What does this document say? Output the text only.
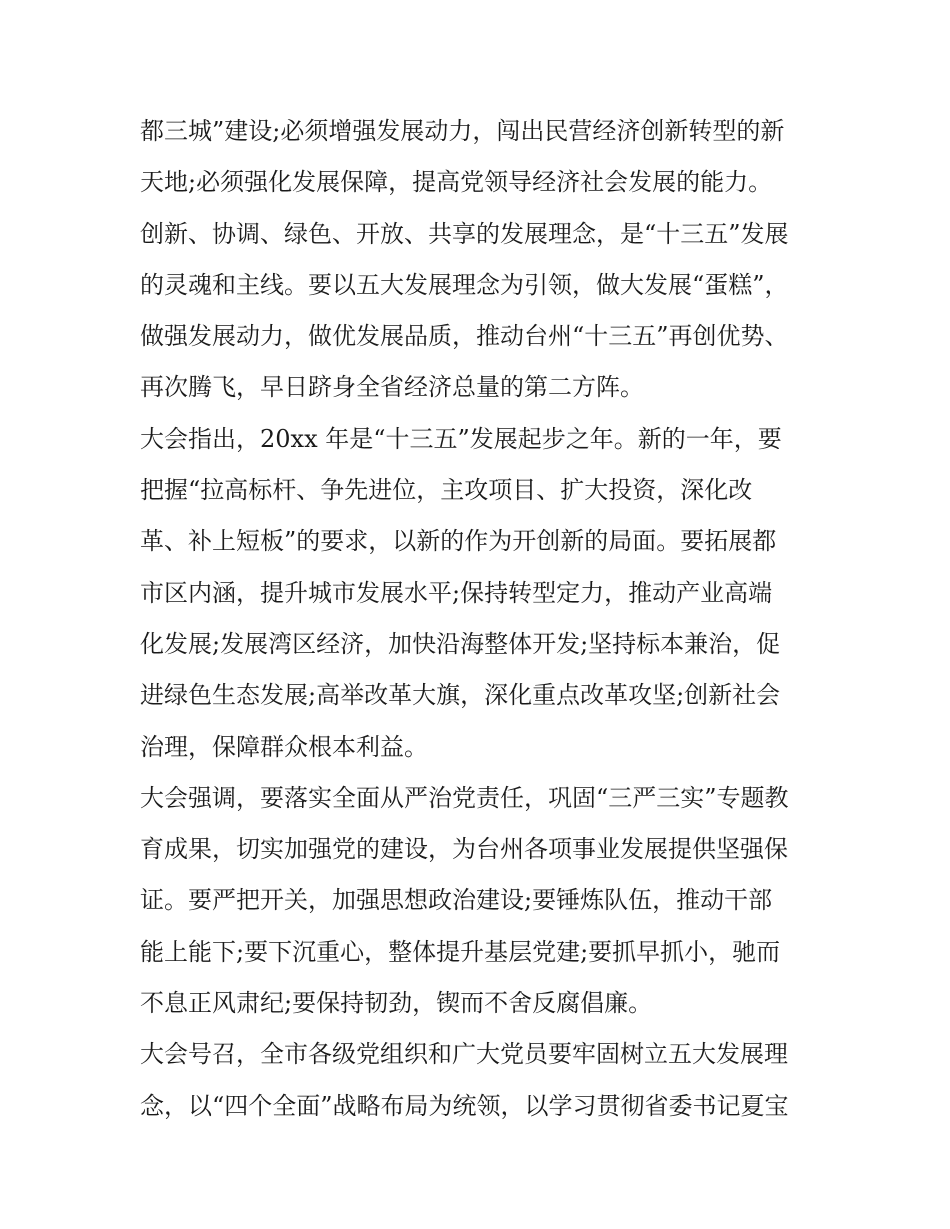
都三城”建设;必须增强发展动力，闯出民营经济创新转型的新
天地;必须强化发展保障，提高党领导经济社会发展的能力。
创新、协调、绿色、开放、共享的发展理念，是“十三五”发展
的灵魂和主线。要以五大发展理念为引领，做大发展“蛋糕”，
做强发展动力，做优发展品质，推动台州“十三五”再创优势、
再次腾飞，早日跻身全省经济总量的第二方阵。
大会指出，20xx 年是“十三五”发展起步之年。新的一年，要
把握“拉高标杆、争先进位，主攻项目、扩大投资，深化改
革、补上短板”的要求，以新的作为开创新的局面。要拓展都
市区内涵，提升城市发展水平;保持转型定力，推动产业高端
化发展;发展湾区经济，加快沿海整体开发;坚持标本兼治，促
进绿色生态发展;高举改革大旗，深化重点改革攻坚;创新社会
治理，保障群众根本利益。
大会强调，要落实全面从严治党责任，巩固“三严三实”专题教
育成果，切实加强党的建设，为台州各项事业发展提供坚强保
证。要严把开关，加强思想政治建设;要锤炼队伍，推动干部
能上能下;要下沉重心，整体提升基层党建;要抓早抓小，驰而
不息正风肃纪;要保持韧劲，锲而不舍反腐倡廉。
大会号召，全市各级党组织和广大党员要牢固树立五大发展理
念，以“四个全面”战略布局为统领，以学习贯彻省委书记夏宝
